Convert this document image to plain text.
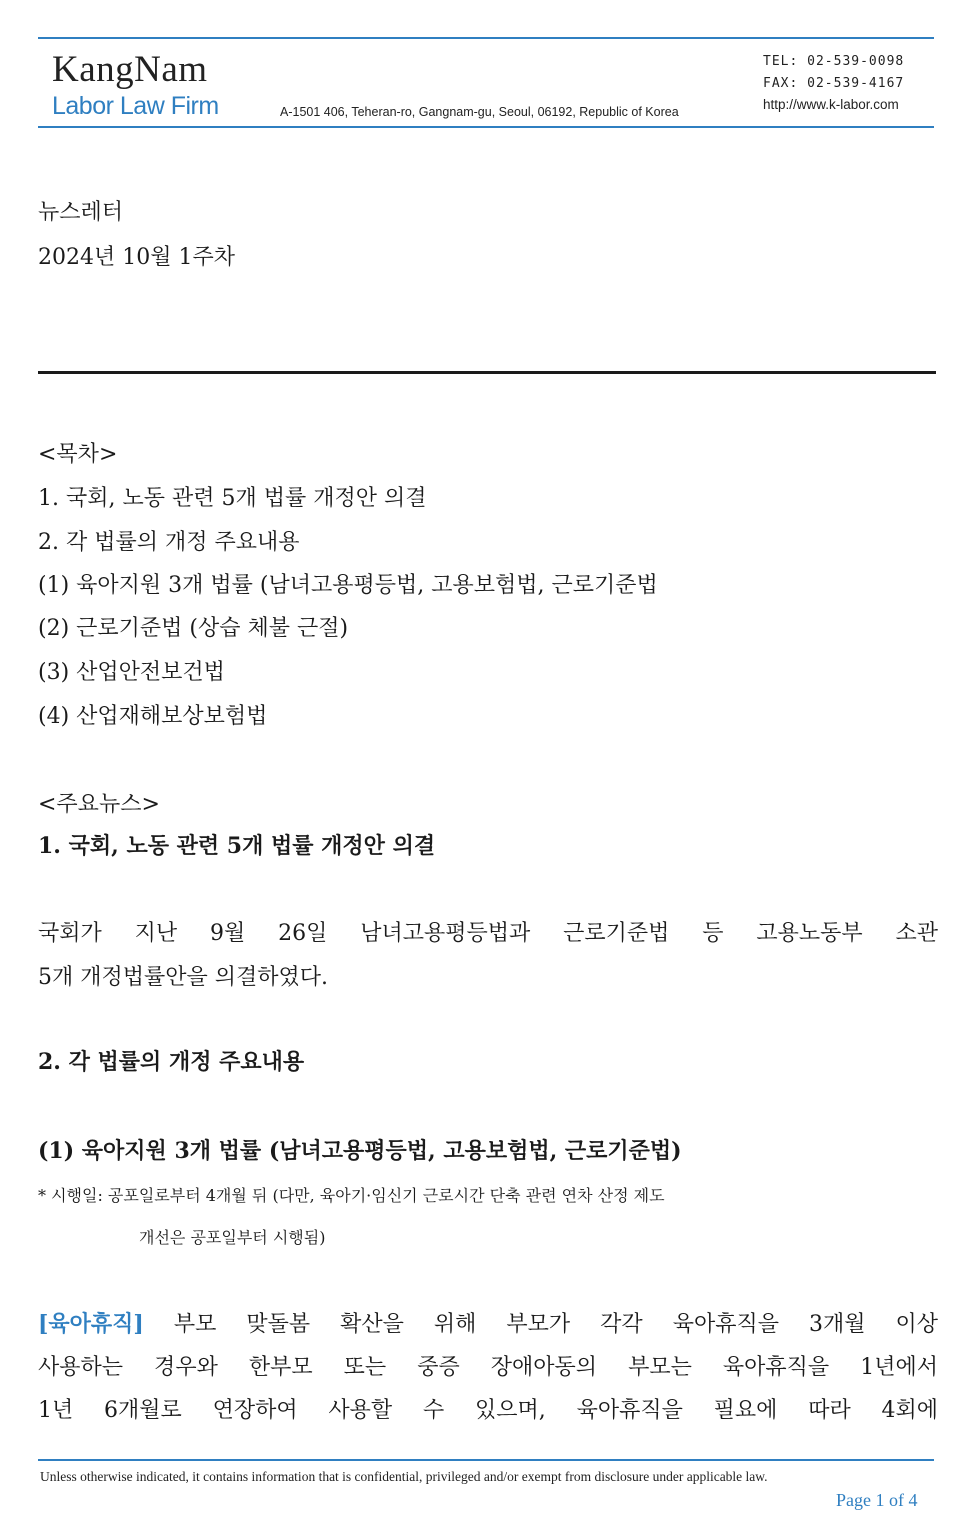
KangNam
Labor Law Firm	A-1501 406, Teheran-ro, Gangnam-gu, Seoul, 06192, Republic of Korea
TEL: 02-539-0098
FAX: 02-539-4167
http://www.k-labor.com
뉴스레터
2024년 10월 1주차
<목차>
1. 국회, 노동 관련 5개 법률 개정안 의결
2. 각 법률의 개정 주요내용
(1) 육아지원 3개 법률 (남녀고용평등법, 고용보험법, 근로기준법
(2) 근로기준법 (상습 체불 근절)
(3) 산업안전보건법
(4) 산업재해보상보험법
<주요뉴스>
1. 국회, 노동 관련 5개 법률 개정안 의결
국회가 지난 9월 26일 남녀고용평등법과 근로기준법 등 고용노동부 소관
5개 개정법률안을 의결하였다.
2. 각 법률의 개정 주요내용
(1) 육아지원 3개 법률 (남녀고용평등법, 고용보험법, 근로기준법)
* 시행일: 공포일로부터 4개월 뒤 (다만, 육아기·임신기 근로시간 단축 관련 연차 산정 제도
개선은 공포일부터 시행됨)
[육아휴직] 부모 맞돌봄 확산을 위해 부모가 각각 육아휴직을 3개월 이상
사용하는 경우와 한부모 또는 중증 장애아동의 부모는 육아휴직을 1년에서
1년 6개월로 연장하여 사용할 수 있으며, 육아휴직을 필요에 따라 4회에
Unless otherwise indicated, it contains information that is confidential, privileged and/or exempt from disclosure under applicable law.
Page 1 of 4
